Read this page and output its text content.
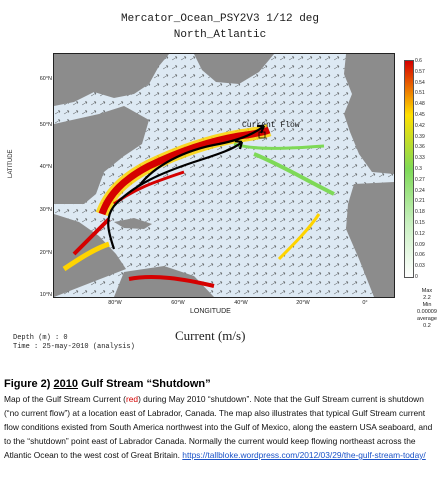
Mercator_Ocean_PSY2V3 1/12 deg
North_Atlantic
Current Flow
60°N
50°N
40°N
30°N
20°N
10°N
80°W	60°W	40°W	20°W	0°
LONGITUDE
LATITUDE
0.6
0.57
0.54
0.51
0.48
0.45
0.42
0.39
0.36
0.33
0.3
0.27
0.24
0.21
0.18
0.15
0.12
0.09
0.06
0.03
0
Max
2.2
Min
0.00009
average
0.2
Depth (m) : 0
Time : 25-may-2010 (analysis)
Current (m/s)

Figure 2) 2010 Gulf Stream “Shutdown”

Map of the Gulf Stream Current (red) during May 2010 “shutdown”. Note that the Gulf Stream current is shutdown (“no current flow”) at a location east of Labrador, Canada. The map also illustrates that typical Gulf Stream current flow conditions existed from South America northwest into the Gulf of Mexico, along the eastern USA seaboard, and to the “shutdown” point east of Labrador Canada. Normally the current would keep flowing northeast across the Atlantic Ocean to the west cost of Great Britain. https://tallbloke.wordpress.com/2012/03/29/the-gulf-stream-today/
